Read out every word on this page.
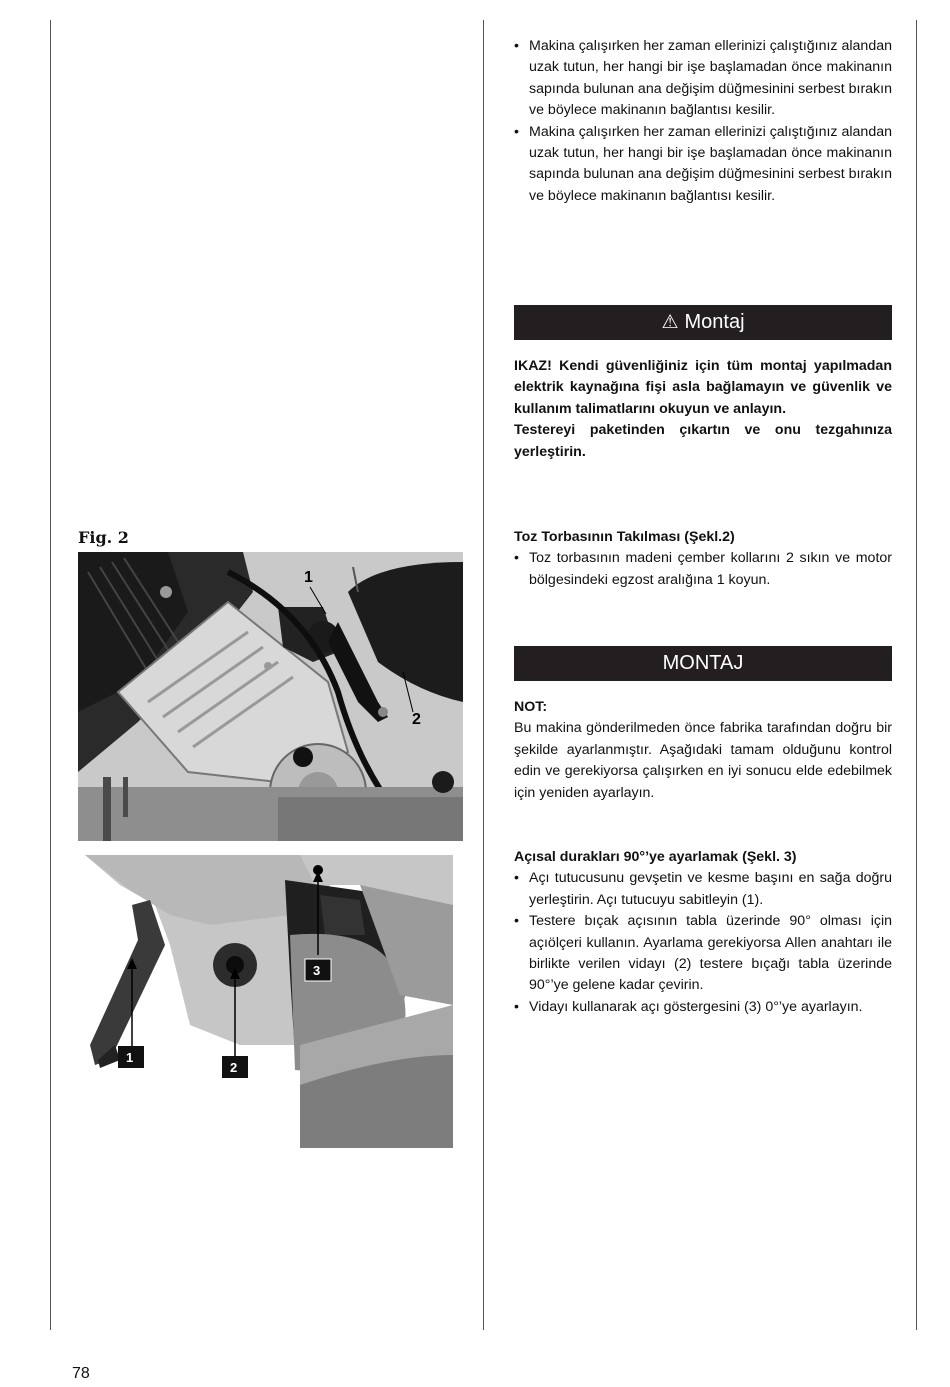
• Makina çalışırken her zaman ellerinizi çalıştığınız alandan uzak tutun, her hangi bir işe başlamadan önce makinanın sapında bulunan ana değişim düğmesinini serbest bırakın ve böylece makinanın bağlantısı kesilir.
• Makina çalışırken her zaman ellerinizi çalıştığınız alandan uzak tutun, her hangi bir işe başlamadan önce makinanın sapında bulunan ana değişim düğmesinini serbest bırakın ve böylece makinanın bağlantısı kesilir.
⚠ Montaj
IKAZ! Kendi güvenliğiniz için tüm montaj yapılmadan elektrik kaynağına fişi asla bağlamayın ve güvenlik ve kullanım talimatlarını okuyun ve anlayın.
Testereyi paketinden çıkartın ve onu tezgahınıza yerleştirin.
Toz Torbasının Takılması (Şekl.2)
• Toz torbasının madeni çember kollarını 2 sıkın ve motor bölgesindeki egzost aralığına 1 koyun.
MONTAJ
NOT:
Bu makina gönderilmeden önce fabrika tarafından doğru bir şekilde ayarlanmıştır. Aşağıdaki tamam olduğunu kontrol edin ve gerekiyorsa çalışırken en iyi sonucu elde edebilmek için yeniden ayarlayın.
Açısal durakları 90°’ye ayarlamak (Şekl. 3)
• Açı tutucusunu gevşetin ve kesme başını en sağa doğru yerleştirin. Açı tutucuyu sabitleyin (1).
• Testere bıçak açısının tabla üzerinde 90° olması için açıölçeri kullanın. Ayarlama gerekiyorsa Allen anahtarı ile birlikte verilen vidayı (2) testere bıçağı tabla üzerinde 90°’ye gelene kadar çevirin.
• Vidayı kullanarak açı göstergesini (3) 0°’ye ayarlayın.
Fig. 2
1
2
1
2
3
78
